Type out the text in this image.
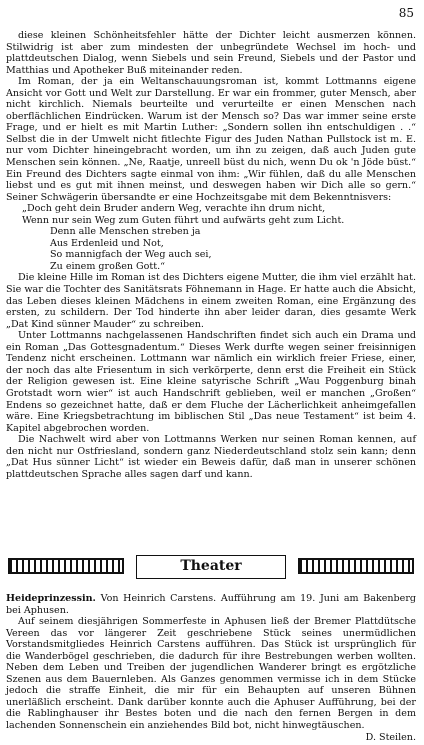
85

diese kleinen Schönheitsfehler hätte der Dichter leicht ausmerzen können. Stilwidrig ist aber zum mindesten der unbegründete Wechsel im hoch- und plattdeutschen Dialog, wenn Siebels und sein Freund, Siebels und der Pastor und Matthias und Apotheker Buß miteinander reden.

Im Roman, der ja ein Weltanschauungsroman ist, kommt Lottmanns eigene Ansicht vor Gott und Welt zur Darstellung. Er war ein frommer, guter Mensch, aber nicht kirchlich. Niemals beurteilte und verurteilte er einen Menschen nach oberflächlichen Eindrücken. Warum ist der Mensch so? Das war immer seine erste Frage, und er hielt es mit Martin Luther: „Sondern sollen ihn entschuldigen . .“ Selbst die in der Umwelt nicht fitlechte Figur des Juden Nathan Pullstock ist m. E. nur vom Dichter hineingebracht worden, um ihn zu zeigen, daß auch Juden gute Menschen sein können. „Ne, Raatje, unreell büst du nich, wenn Du ok 'n Jöde büst.“ Ein Freund des Dichters sagte einmal von ihm: „Wir fühlen, daß du alle Menschen liebst und es gut mit ihnen meinst, und deswegen haben wir Dich alle so gern.“ Seiner Schwägerin übersandte er eine Hochzeitsgabe mit dem Bekenntnisvers:

„Doch geht dein Bruder andern Weg, verachte ihn drum nicht,
Wenn nur sein Weg zum Guten führt und aufwärts geht zum Licht.
Denn alle Menschen streben ja
Aus Erdenleid und Not,
So mannigfach der Weg auch sei,
Zu einem großen Gott.“

Die kleine Hille im Roman ist des Dichters eigene Mutter, die ihm viel erzählt hat. Sie war die Tochter des Sanitätsrats Föhnemann in Hage. Er hatte auch die Absicht, das Leben dieses kleinen Mädchens in einem zweiten Roman, eine Ergänzung des ersten, zu schildern. Der Tod hinderte ihn aber leider daran, dies gesamte Werk „Dat Kind sünner Mauder“ zu schreiben.

Unter Lottmanns nachgelassenen Handschriften findet sich auch ein Drama und ein Roman „Das Gottesgnadentum.“ Dieses Werk durfte wegen seiner freisinnigen Tendenz nicht erscheinen. Lottmann war nämlich ein wirklich freier Friese, einer, der noch das alte Friesentum in sich verkörperte, denn erst die Freiheit ein Stück der Religion gewesen ist. Eine kleine satyrische Schrift „Wau Poggenburg binah Grotstadt worn wier“ ist auch Handschrift geblieben, weil er manchen „Großen“ Endens so gezeichnet hatte, daß er dem Fluche der Lächerlichkeit anheimgefallen wäre. Eine Kriegsbetrachtung im biblischen Stil „Das neue Testament“ ist beim 4. Kapitel abgebrochen worden.

Die Nachwelt wird aber von Lottmanns Werken nur seinen Roman kennen, auf den nicht nur Ostfriesland, sondern ganz Niederdeutschland stolz sein kann; denn „Dat Hus sünner Licht“ ist wieder ein Beweis dafür, daß man in unserer schönen plattdeutschen Sprache alles sagen darf und kann.

Theater

Heideprinzessin. Von Heinrich Carstens. Aufführung am 19. Juni am Bakenberg bei Aphusen.

Auf seinem diesjährigen Sommerfeste in Aphusen ließ der Bremer Plattdütsche Vereen das vor längerer Zeit geschriebene Stück seines unermüdlichen Vorstandsmitgliedes Heinrich Carstens aufführen. Das Stück ist ursprünglich für die Wanderbögel geschrieben, die dadurch für ihre Bestrebungen werben wollten. Neben dem Leben und Treiben der jugendlichen Wanderer bringt es ergötzliche Szenen aus dem Bauernleben. Als Ganzes genommen vermisse ich in dem Stücke jedoch die straffe Einheit, die mir für ein Behaupten auf unseren Bühnen unerläßlich erscheint. Dank darüber konnte auch die Aphuser Aufführung, bei der die Rablinghauser ihr Bestes boten und die nach den fernen Bergen in dem lachenden Sonnenschein ein anziehendes Bild bot, nicht hinwegtäuschen.

D. Steilen.
